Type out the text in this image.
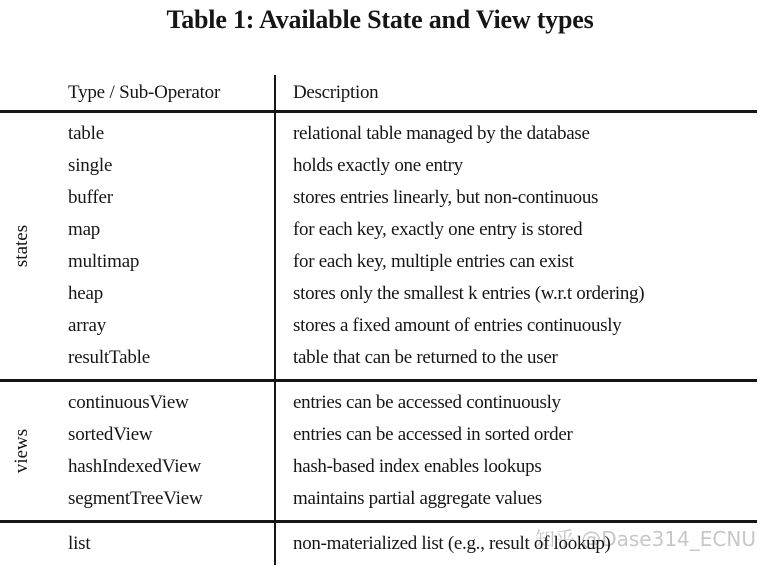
Table 1: Available State and View types
Type / Sub-Operator	Description
states
table	relational table managed by the database
single	holds exactly one entry
buffer	stores entries linearly, but non-continuous
map	for each key, exactly one entry is stored
multimap	for each key, multiple entries can exist
heap	stores only the smallest k entries (w.r.t ordering)
array	stores a fixed amount of entries continuously
resultTable	table that can be returned to the user
views
continuousView	entries can be accessed continuously
sortedView	entries can be accessed in sorted order
hashIndexedView	hash-based index enables lookups
segmentTreeView	maintains partial aggregate values
list	non-materialized list (e.g., result of lookup)
知乎 @Dase314_ECNU
